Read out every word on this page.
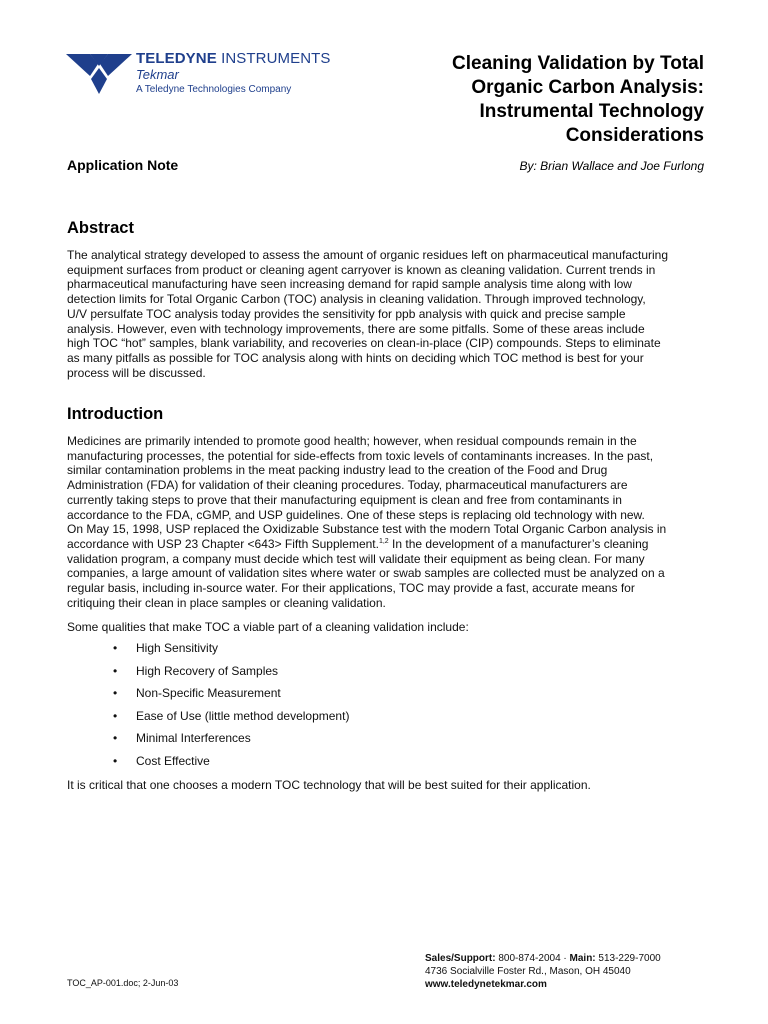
TELEDYNE INSTRUMENTS
Tekmar
A Teledyne Technologies Company
Cleaning Validation by Total
Organic Carbon Analysis:
Instrumental Technology
Considerations
Application Note	By: Brian Wallace and Joe Furlong
Abstract

The analytical strategy developed to assess the amount of organic residues left on pharmaceutical manufacturing

equipment surfaces from product or cleaning agent carryover is known as cleaning validation. Current trends in

pharmaceutical manufacturing have seen increasing demand for rapid sample analysis time along with low

detection limits for Total Organic Carbon (TOC) analysis in cleaning validation. Through improved technology,

U/V persulfate TOC analysis today provides the sensitivity for ppb analysis with quick and precise sample

analysis. However, even with technology improvements, there are some pitfalls. Some of these areas include

high TOC “hot” samples, blank variability, and recoveries on clean-in-place (CIP) compounds. Steps to eliminate

as many pitfalls as possible for TOC analysis along with hints on deciding which TOC method is best for your

process will be discussed.

Introduction

Medicines are primarily intended to promote good health; however, when residual compounds remain in the

manufacturing processes, the potential for side-effects from toxic levels of contaminants increases. In the past,

similar contamination problems in the meat packing industry lead to the creation of the Food and Drug

Administration (FDA) for validation of their cleaning procedures. Today, pharmaceutical manufacturers are

currently taking steps to prove that their manufacturing equipment is clean and free from contaminants in

accordance to the FDA, cGMP, and USP guidelines. One of these steps is replacing old technology with new.

On May 15, 1998, USP replaced the Oxidizable Substance test with the modern Total Organic Carbon analysis in

accordance with USP 23 Chapter <643> Fifth Supplement.$^{1,2}$ In the development of a manufacturer’s cleaning

validation program, a company must decide which test will validate their equipment as being clean. For many

companies, a large amount of validation sites where water or swab samples are collected must be analyzed on a

regular basis, including in-source water. For their applications, TOC may provide a fast, accurate means for

critiquing their clean in place samples or cleaning validation.

Some qualities that make TOC a viable part of a cleaning validation include:

• High Sensitivity
• High Recovery of Samples
• Non-Specific Measurement
• Ease of Use (little method development)
• Minimal Interferences
• Cost Effective

It is critical that one chooses a modern TOC technology that will be best suited for their application.

TOC_AP-001.doc; 2-Jun-03
Sales/Support: 800-874-2004 · Main: 513-229-7000
4736 Socialville Foster Rd., Mason, OH 45040
www.teledynetekmar.com
